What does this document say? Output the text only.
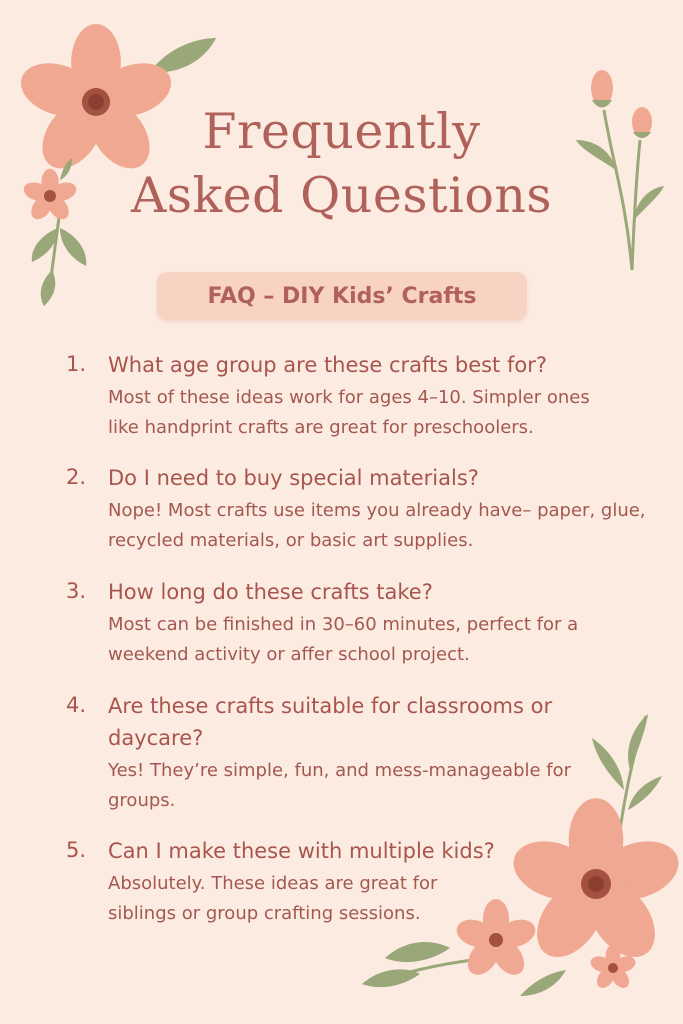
Frequently
Asked Questions
FAQ – DIY Kids’ Crafts
1. What age group are these crafts best for?

Most of these ideas work for ages 4–10. Simpler ones like handprint crafts are great for preschoolers.

2. Do I need to buy special materials?

Nope! Most crafts use items you already have– paper, glue, recycled materials, or basic art supplies.

3. How long do these crafts take?

Most can be finished in 30–60 minutes, perfect for a weekend activity or affer school project.

4. Are these crafts suitable for classrooms or daycare?

Yes! They’re simple, fun, and mess-manageable for groups.

5. Can I make these with multiple kids?

Absolutely. These ideas are great for siblings or group crafting sessions.
